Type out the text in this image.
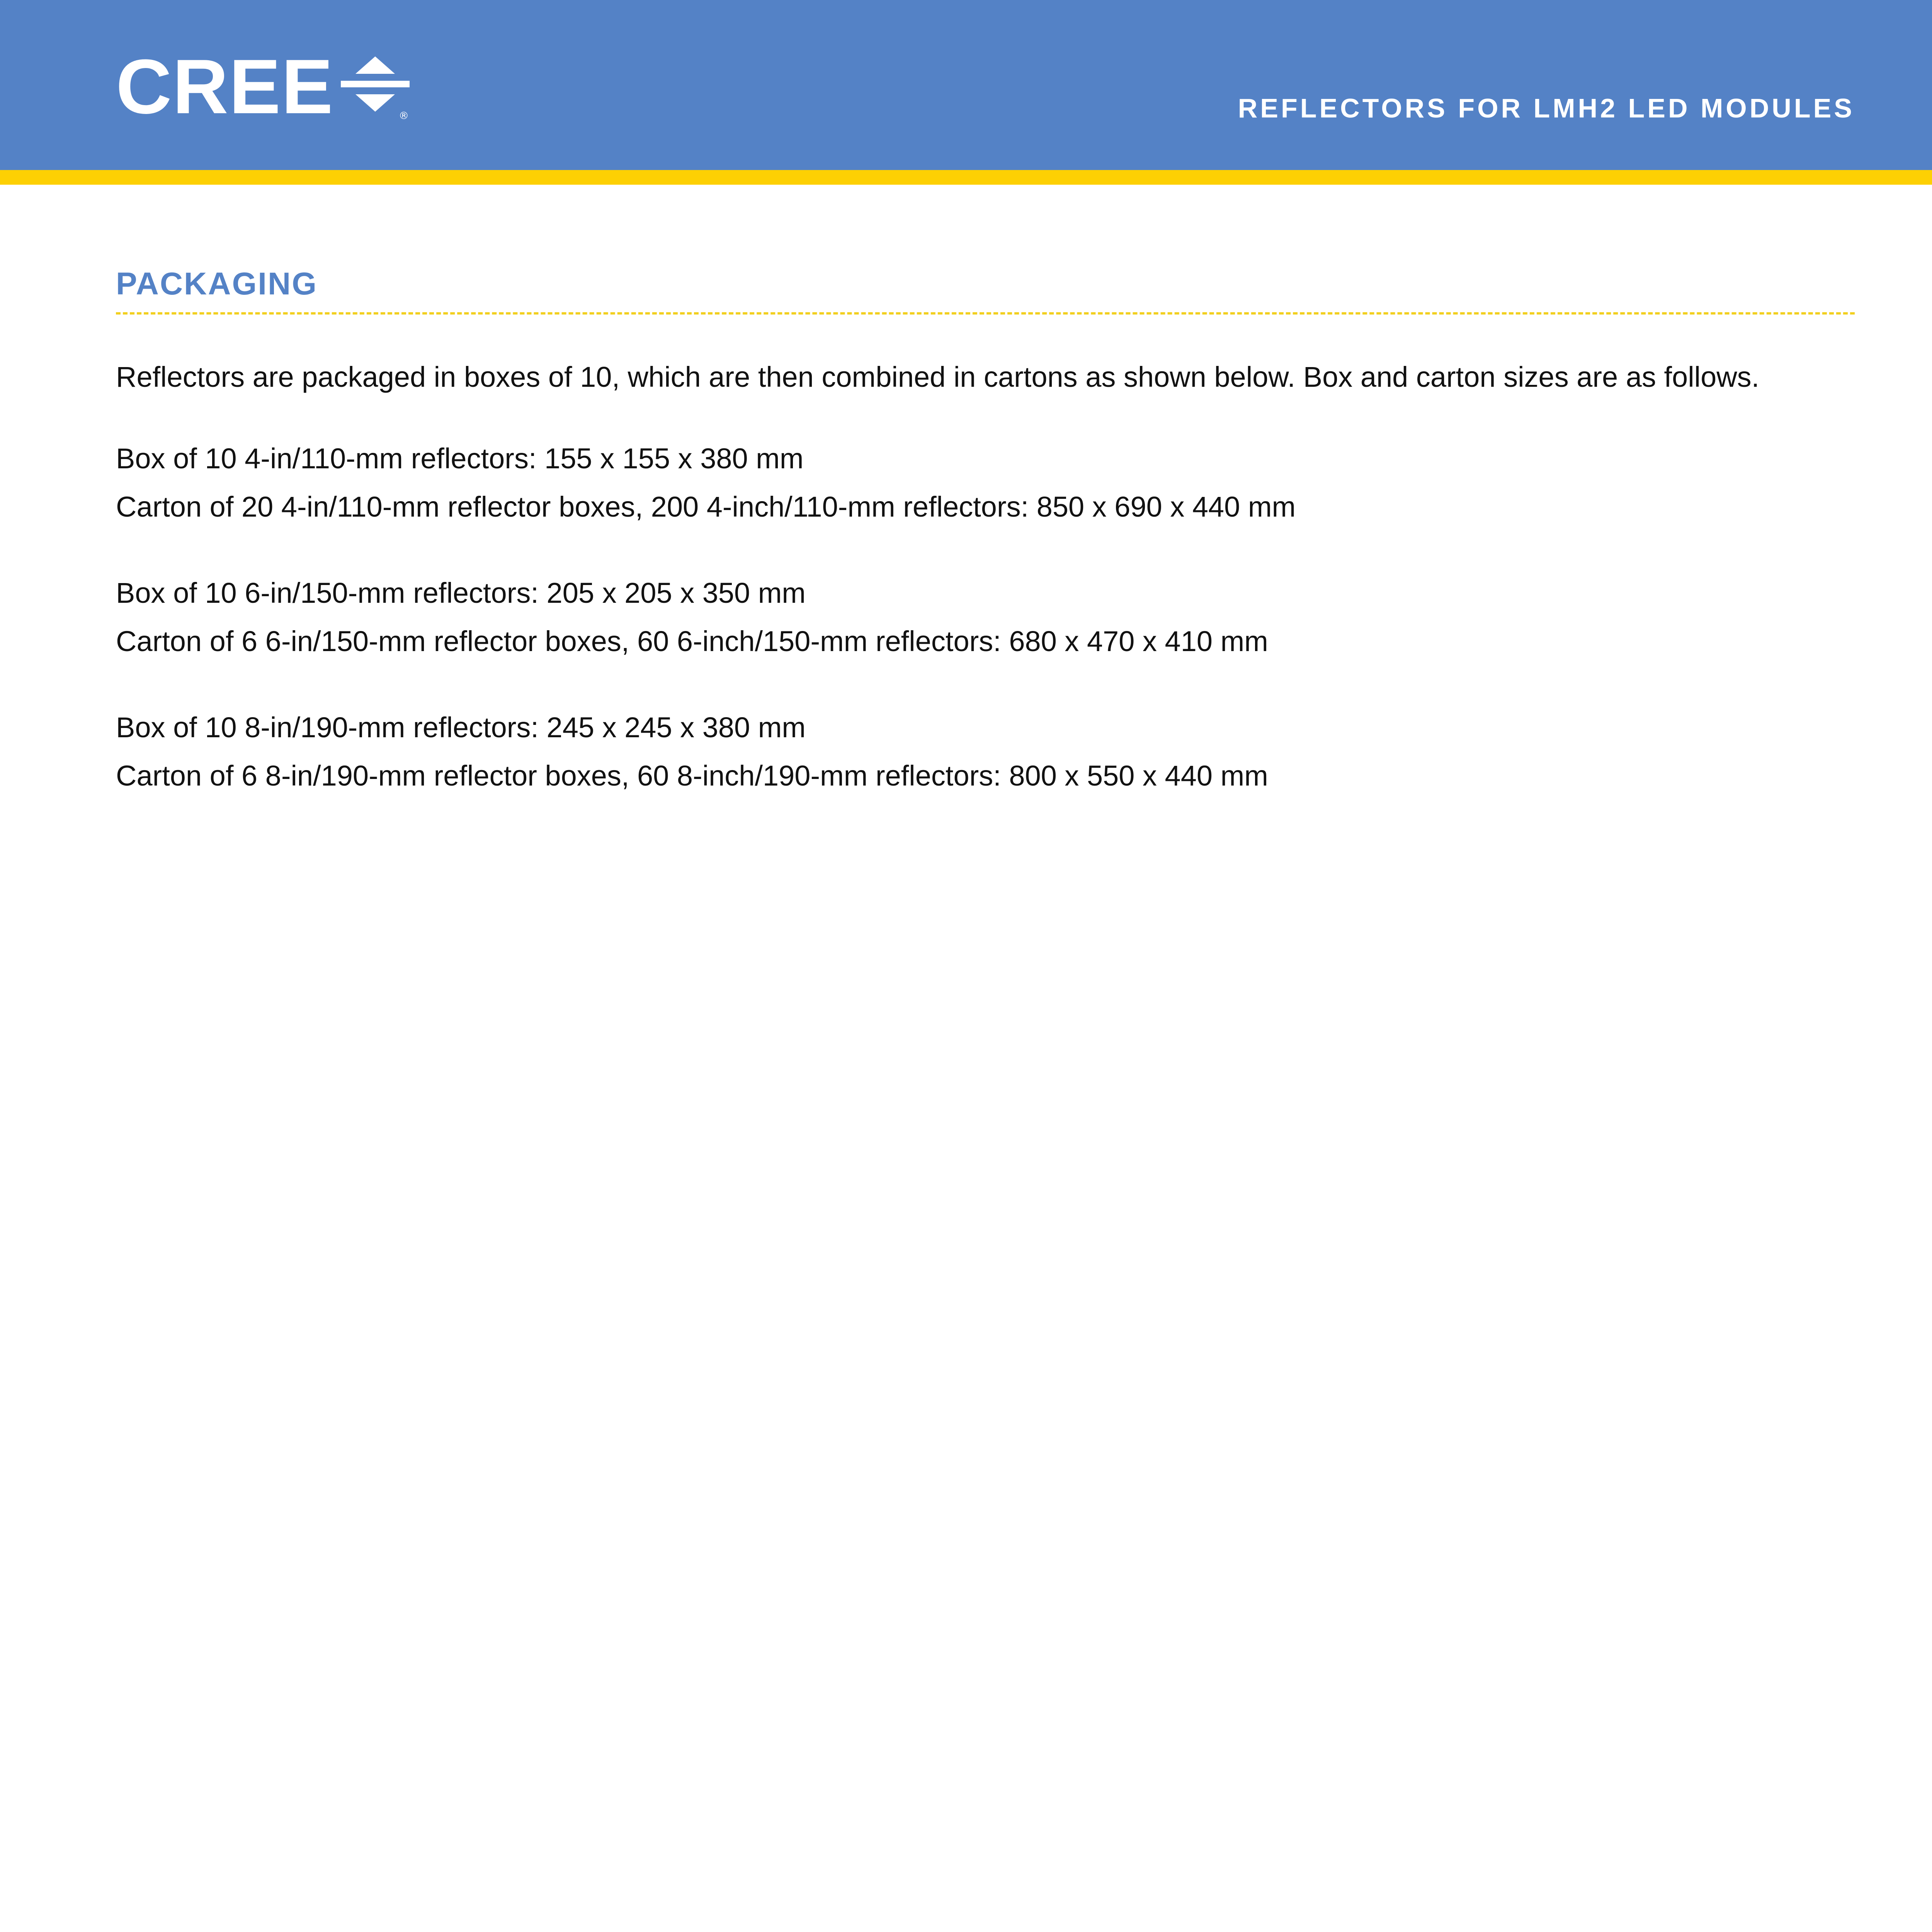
CREE	®	REFLECTORS FOR LMH2 LED MODULES
PACKAGING
Reflectors are packaged in boxes of 10, which are then combined in cartons as shown below. Box and carton sizes are as follows.
Box of 10 4-in/110-mm reflectors: 155 x 155 x 380 mm
Carton of 20 4-in/110-mm reflector boxes, 200 4-inch/110-mm reflectors: 850 x 690 x 440 mm
Box of 10 6-in/150-mm reflectors: 205 x 205 x 350 mm
Carton of 6 6-in/150-mm reflector boxes, 60 6-inch/150-mm reflectors: 680 x 470 x 410 mm
Box of 10 8-in/190-mm reflectors: 245 x 245 x 380 mm
Carton of 6 8-in/190-mm reflector boxes, 60 8-inch/190-mm reflectors: 800 x 550 x 440 mm
